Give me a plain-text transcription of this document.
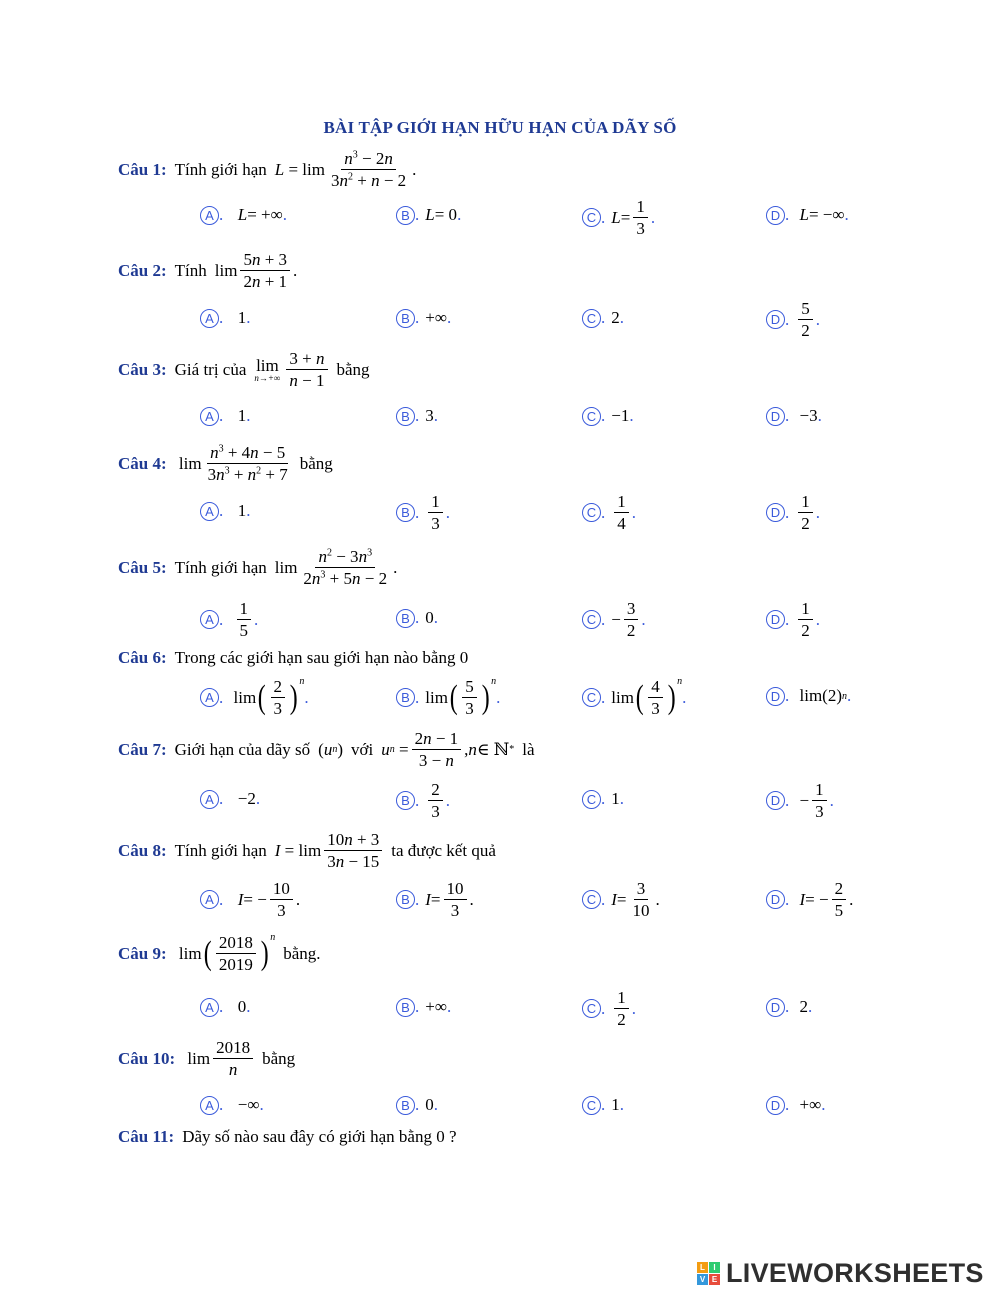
BÀI TẬP GIỚI HẠN HỮU HẠN CỦA DÃY SỐ
Câu 1: Tính giới hạn $L = \lim \frac{n^3 - 2n}{3n^2 + n - 2}$ .
A .
L = +∞ .	B . L = 0 .	C . $L = \frac{1}{3}$ .	D .
L = −∞ .
Câu 2: Tính $\lim \frac{5n + 3}{2n + 1}$ .
A . 1 .	B . +∞ .	C . 2 .	D . $\frac{5}{2}$ .
Câu 3: Giá trị của lim
$n\to+\infty \frac{3 + n}{n - 1}$ bằng
A . 1 .	B . 3 .	C . −1 .	D . −3 .
Câu 4: $\lim \frac{n^3 + 4n - 5}{3n^3 + n^2 + 7}$ bằng
A . 1 .	B . $\frac{1}{3}$ .	C . $\frac{1}{4}$ .	D . $\frac{1}{2}$ .
Câu 5: Tính giới hạn $\lim \frac{n^2 - 3n^3}{2n^3 + 5n - 2}$ .
A .
$\frac{1}{5}$ .	B . 0 .	C . − $\frac{3}{2}$ .	D . $\frac{1}{2}$ .
Câu 6: Trong các giới hạn sau giới hạn nào bằng 0
A . lim ( $\frac{2}{3} )^n$
.	B . lim ( $\frac{5}{3} )^n$
.	C . lim ( $\frac{4}{3} )^n$
.	D . lim(2) n .
Câu 7: Giới hạn của dãy số ( u n ) với u $n = \frac{2n - 1}{3 - n}$ , n ∈ ℕ * là
A . −2 .	B . $\frac{2}{3}$ .	C . 1 .	D . − $\frac{1}{3}$ .
Câu 8: Tính giới hạn $I = \lim \frac{10n + 3}{3n - 15}$ ta được kết quả
A .
I = − $\frac{10}{3}$ .	B . $I = \frac{10}{3}$ .	C . $I = \frac{3}{10}$ .	D .
I = − $\frac{2}{5}$ .
Câu 9: lim ( $\frac{2018}{2019} )^n$
bằng.
A . 0 .	B . +∞ .	C . $\frac{1}{2}$ .	D . 2 .
Câu 10: $\lim \frac{2018}{n}$ bằng
A . −∞ .	B . 0 .	C . 1 .	D . +∞ .
Câu 11: Dãy số nào sau đây có giới hạn bằng 0 ?
L	I
V E LIVEWORKSHEETS
